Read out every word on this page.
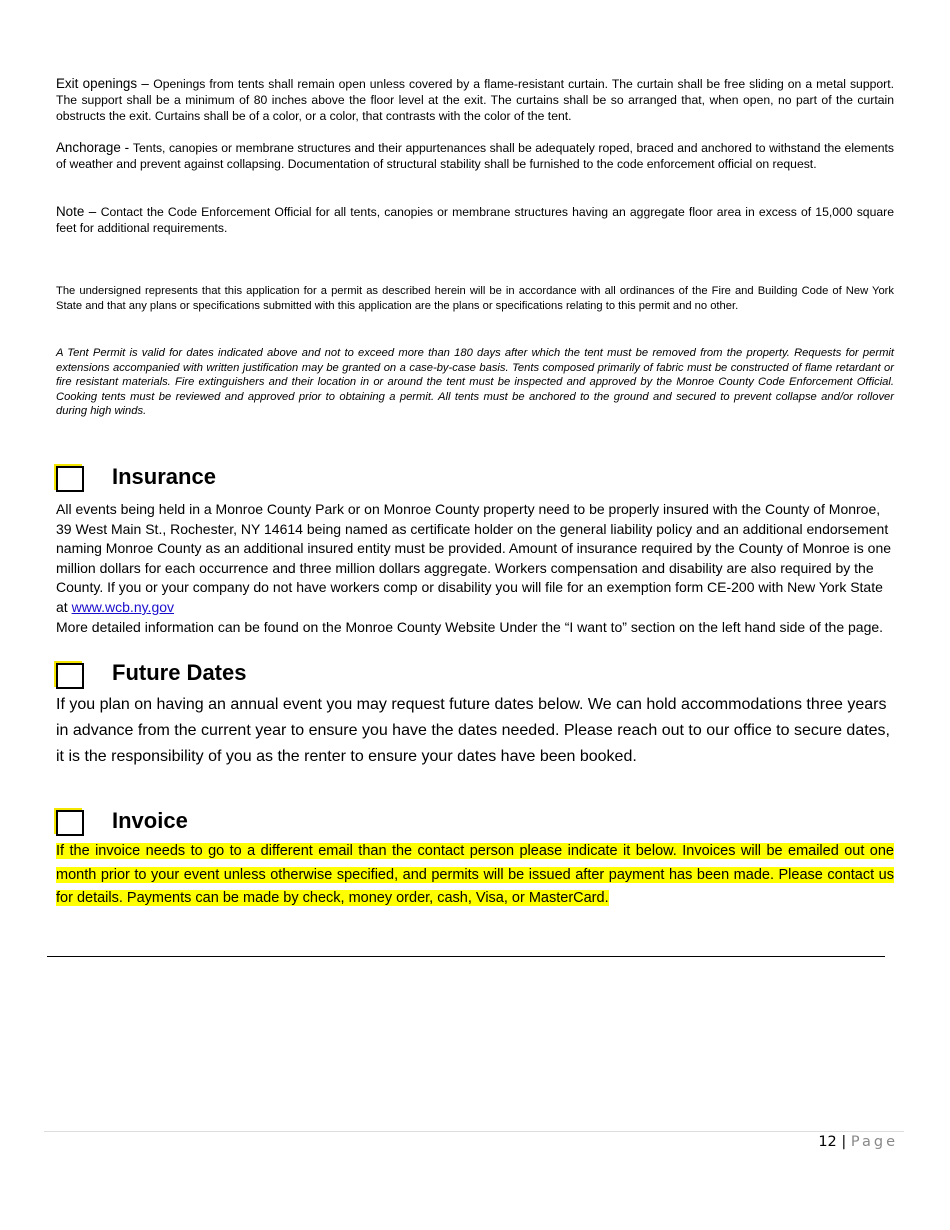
Exit openings – Openings from tents shall remain open unless covered by a flame-resistant curtain. The curtain shall be free sliding on a metal support. The support shall be a minimum of 80 inches above the floor level at the exit. The curtains shall be so arranged that, when open, no part of the curtain obstructs the exit. Curtains shall be of a color, or a color, that contrasts with the color of the tent.

Anchorage - Tents, canopies or membrane structures and their appurtenances shall be adequately roped, braced and anchored to withstand the elements of weather and prevent against collapsing. Documentation of structural stability shall be furnished to the code enforcement official on request.

Note – Contact the Code Enforcement Official for all tents, canopies or membrane structures having an aggregate floor area in excess of 15,000 square feet for additional requirements.

The undersigned represents that this application for a permit as described herein will be in accordance with all ordinances of the Fire and Building Code of New York State and that any plans or specifications submitted with this application are the plans or specifications relating to this permit and no other.

A Tent Permit is valid for dates indicated above and not to exceed more than 180 days after which the tent must be removed from the property. Requests for permit extensions accompanied with written justification may be granted on a case-by-case basis. Tents composed primarily of fabric must be constructed of flame retardant or fire resistant materials. Fire extinguishers and their location in or around the tent must be inspected and approved by the Monroe County Code Enforcement Official. Cooking tents must be reviewed and approved prior to obtaining a permit. All tents must be anchored to the ground and secured to prevent collapse and/or rollover during high winds.

Insurance

All events being held in a Monroe County Park or on Monroe County property need to be properly insured with the County of Monroe, 39 West Main St., Rochester, NY 14614 being named as certificate holder on the general liability policy and an additional endorsement naming Monroe County as an additional insured entity must be provided. Amount of insurance required by the County of Monroe is one million dollars for each occurrence and three million dollars aggregate. Workers compensation and disability are also required by the County. If you or your company do not have workers comp or disability you will file for an exemption form CE-200 with New York State at www.wcb.ny.gov
More detailed information can be found on the Monroe County Website Under the “I want to” section on the left hand side of the page.

Future Dates

If you plan on having an annual event you may request future dates below. We can hold accommodations three years in advance from the current year to ensure you have the dates needed. Please reach out to our office to secure dates, it is the responsibility of you as the renter to ensure your dates have been booked.

Invoice

If the invoice needs to go to a different email than the contact person please indicate it below. Invoices will be emailed out one month prior to your event unless otherwise specified, and permits will be issued after payment has been made. Please contact us for details. Payments can be made by check, money order, cash, Visa, or MasterCard.

12 | Page
